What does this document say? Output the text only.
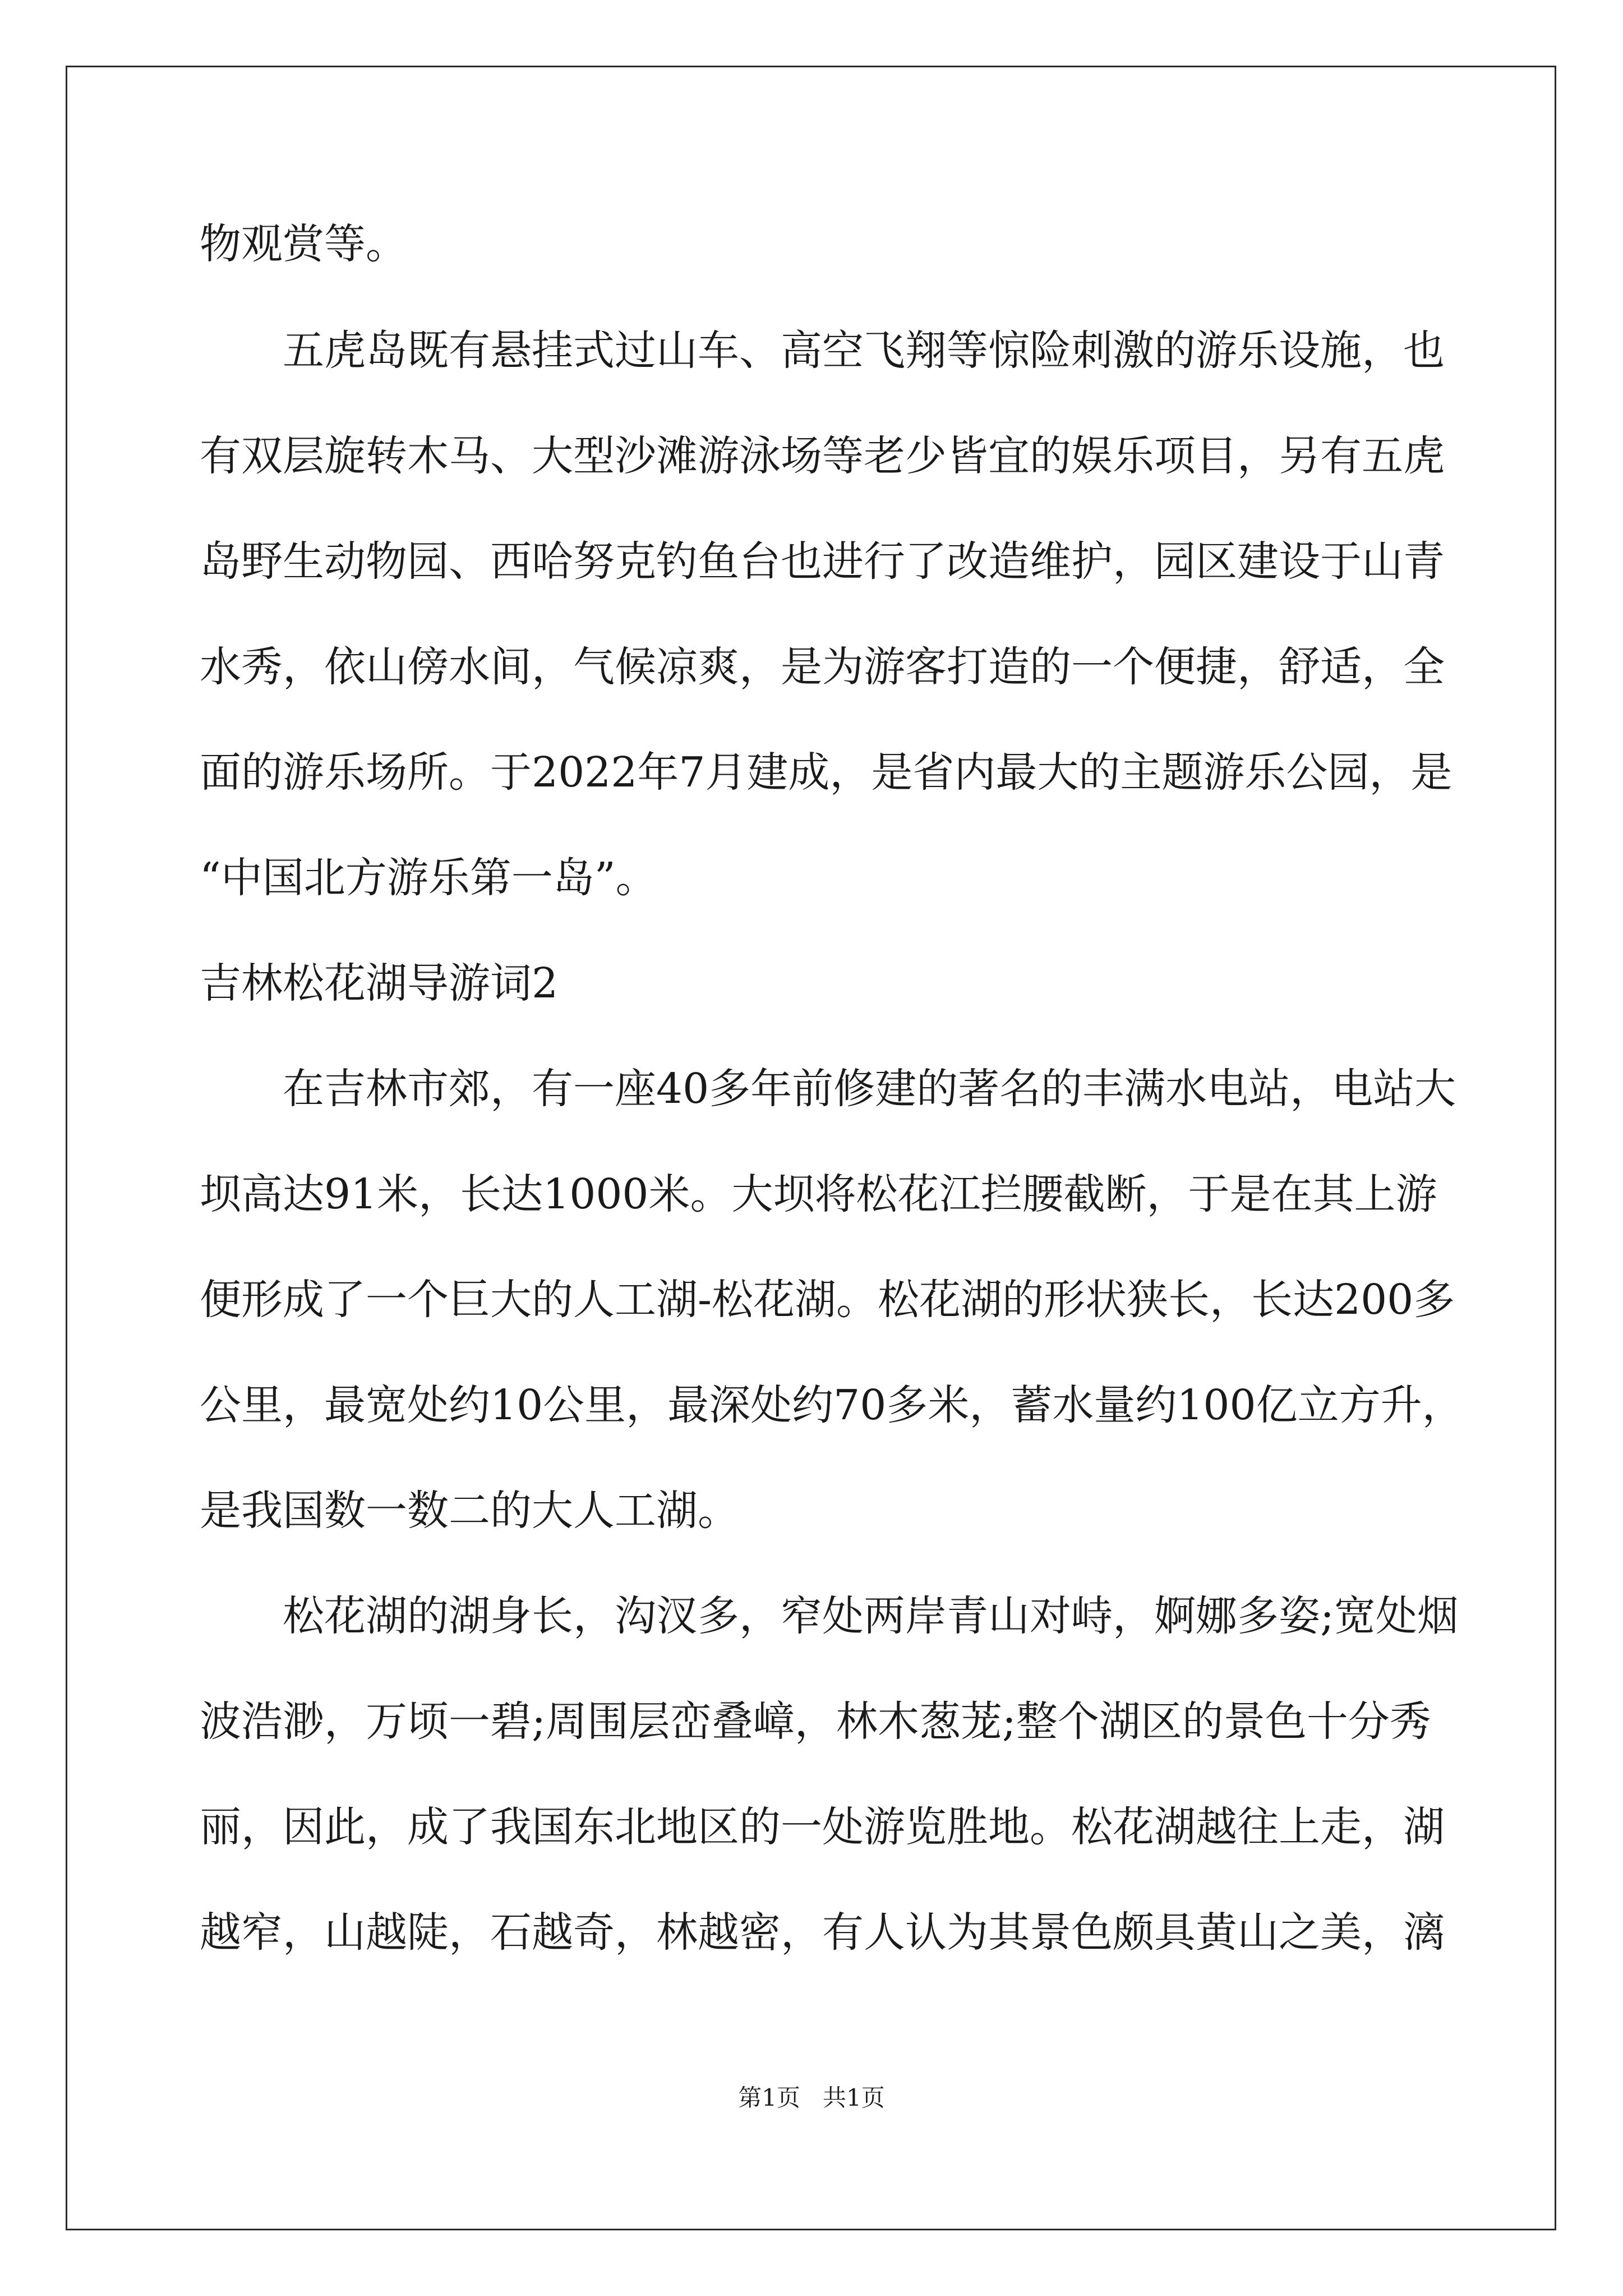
物观赏等。
五虎岛既有悬挂式过山车、高空飞翔等惊险刺激的游乐设施，也
有双层旋转木马、大型沙滩游泳场等老少皆宜的娱乐项目，另有五虎
岛野生动物园、西哈努克钓鱼台也进行了改造维护，园区建设于山青
水秀，依山傍水间，气候凉爽，是为游客打造的一个便捷，舒适，全
面的游乐场所。于2022年7月建成，是省内最大的主题游乐公园，是
“中国北方游乐第一岛”。
吉林松花湖导游词2
在吉林市郊，有一座40多年前修建的著名的丰满水电站，电站大
坝高达91米，长达1000米。大坝将松花江拦腰截断，于是在其上游
便形成了一个巨大的人工湖-松花湖。松花湖的形状狭长，长达200多
公里，最宽处约10公里，最深处约70多米，蓄水量约100亿立方升，
是我国数一数二的大人工湖。
松花湖的湖身长，沟汊多，窄处两岸青山对峙，婀娜多姿;宽处烟
波浩渺，万顷一碧;周围层峦叠嶂，林木葱茏;整个湖区的景色十分秀
丽，因此，成了我国东北地区的一处游览胜地。松花湖越往上走，湖
越窄，山越陡，石越奇，林越密，有人认为其景色颇具黄山之美，漓
第1页   共1页
